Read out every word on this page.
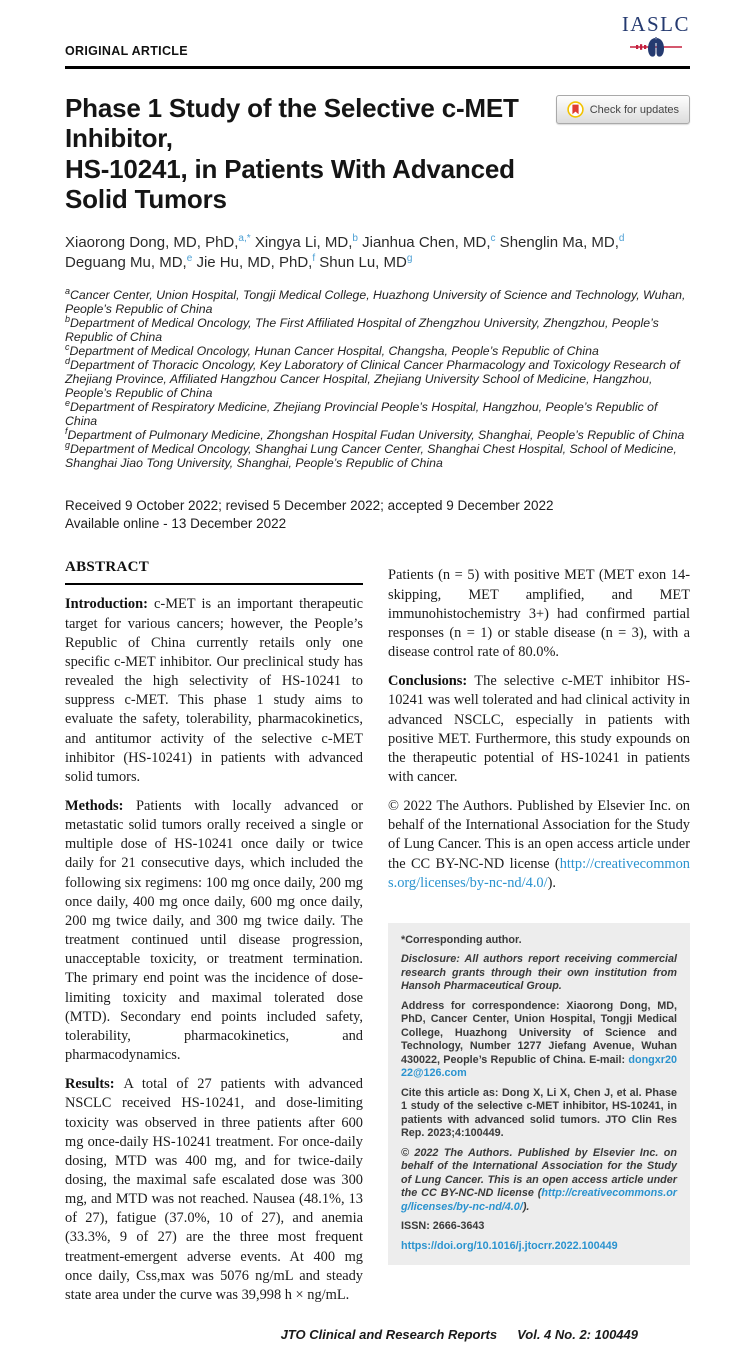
ORIGINAL ARTICLE
IASLC
Phase 1 Study of the Selective c-MET Inhibitor,
HS-10241, in Patients With Advanced Solid Tumors
Check for updates

Xiaorong Dong, MD, PhD,$^{a,*}$ Xingya Li, MD,$^b$ Jianhua Chen, MD,$^c$ Shenglin Ma, MD,$^d$
Deguang Mu, MD,$^e$ Jie Hu, MD, PhD,$^f$ Shun Lu, $MD^g$

$^a$Cancer Center, Union Hospital, Tongji Medical College, Huazhong University of Science and Technology, Wuhan, People’s Republic of China
$^b$Department of Medical Oncology, The First Affiliated Hospital of Zhengzhou University, Zhengzhou, People’s Republic of China
$^c$Department of Medical Oncology, Hunan Cancer Hospital, Changsha, People’s Republic of China
$^d$Department of Thoracic Oncology, Key Laboratory of Clinical Cancer Pharmacology and Toxicology Research of Zhejiang Province, Affiliated Hangzhou Cancer Hospital, Zhejiang University School of Medicine, Hangzhou, People’s Republic of China
$^e$Department of Respiratory Medicine, Zhejiang Provincial People’s Hospital, Hangzhou, People’s Republic of China
$^f$Department of Pulmonary Medicine, Zhongshan Hospital Fudan University, Shanghai, People’s Republic of China
$^g$Department of Medical Oncology, Shanghai Lung Cancer Center, Shanghai Chest Hospital, School of Medicine, Shanghai Jiao Tong University, Shanghai, People’s Republic of China

Received 9 October 2022; revised 5 December 2022; accepted 9 December 2022
Available online - 13 December 2022

ABSTRACT

Introduction: c-MET is an important therapeutic target for various cancers; however, the People’s Republic of China currently retails only one specific c-MET inhibitor. Our preclinical study has revealed the high selectivity of HS-10241 to suppress c-MET. This phase 1 study aims to evaluate the safety, tolerability, pharmacokinetics, and antitumor activity of the selective c-MET inhibitor (HS-10241) in patients with advanced solid tumors.

Methods: Patients with locally advanced or metastatic solid tumors orally received a single or multiple dose of HS-10241 once daily or twice daily for 21 consecutive days, which included the following six regimens: 100 mg once daily, 200 mg once daily, 400 mg once daily, 600 mg once daily, 200 mg twice daily, and 300 mg twice daily. The treatment continued until disease progression, unacceptable toxicity, or treatment termination. The primary end point was the incidence of dose-limiting toxicity and maximal tolerated dose (MTD). Secondary end points included safety, tolerability, pharmacokinetics, and pharmacodynamics.

Results: A total of 27 patients with advanced NSCLC received HS-10241, and dose-limiting toxicity was observed in three patients after 600 mg once-daily HS-10241 treatment. For once-daily dosing, MTD was 400 mg, and for twice-daily dosing, the maximal safe escalated dose was 300 mg, and MTD was not reached. Nausea (48.1%, 13 of 27), fatigue (37.0%, 10 of 27), and anemia (33.3%, 9 of 27) are the three most frequent treatment-emergent adverse events. At 400 mg once daily, Css,max was 5076 ng/mL and steady state area under the curve was 39,998 h × ng/mL.

Patients (n = 5) with positive MET (MET exon 14-skipping, MET amplified, and MET immunohistochemistry 3+) had confirmed partial responses (n = 1) or stable disease (n = 3), with a disease control rate of 80.0%.

Conclusions: The selective c-MET inhibitor HS-10241 was well tolerated and had clinical activity in advanced NSCLC, especially in patients with positive MET. Furthermore, this study expounds on the therapeutic potential of HS-10241 in patients with cancer.

© 2022 The Authors. Published by Elsevier Inc. on behalf of the International Association for the Study of Lung Cancer. This is an open access article under the CC BY-NC-ND license (http://creativecommons.org/licenses/by-nc-nd/4.0/).

*Corresponding author.

Disclosure: All authors report receiving commercial research grants through their own institution from Hansoh Pharmaceutical Group.

Address for correspondence: Xiaorong Dong, MD, PhD, Cancer Center, Union Hospital, Tongji Medical College, Huazhong University of Science and Technology, Number 1277 Jiefang Avenue, Wuhan 430022, People’s Republic of China. E-mail: dongxr2022@126.com

Cite this article as: Dong X, Li X, Chen J, et al. Phase 1 study of the selective c-MET inhibitor, HS-10241, in patients with advanced solid tumors. JTO Clin Res Rep. 2023;4:100449.

© 2022 The Authors. Published by Elsevier Inc. on behalf of the International Association for the Study of Lung Cancer. This is an open access article under the CC BY-NC-ND license (http://creativecommons.org/licenses/by-nc-nd/4.0/).

ISSN: 2666-3643

https://doi.org/10.1016/j.jtocrr.2022.100449

JTO Clinical and Research Reports Vol. 4 No. 2: 100449
